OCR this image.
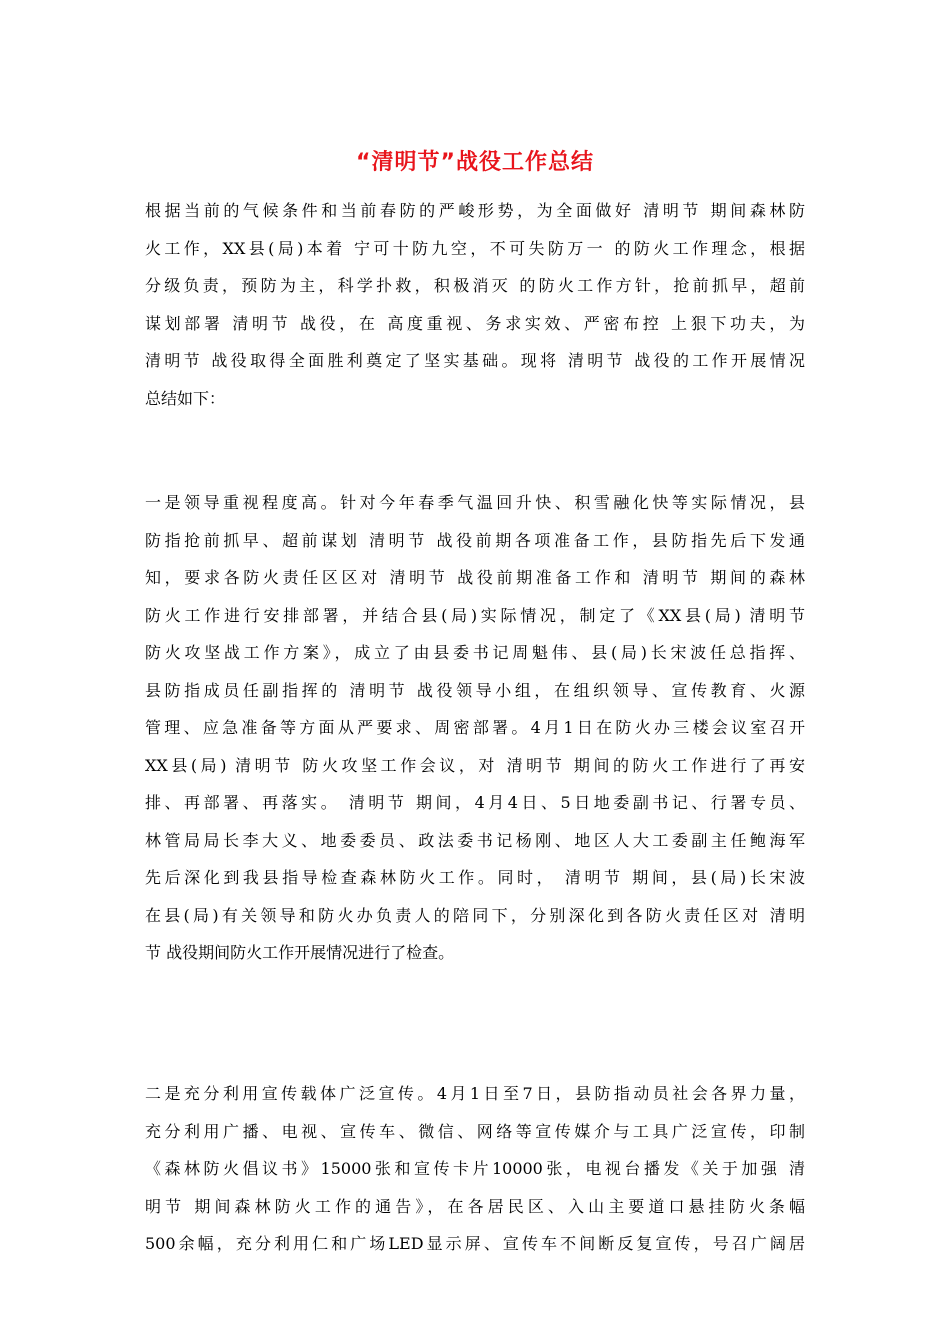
“清明节”战役工作总结
根据当前的气候条件和当前春防的严峻形势，为全面做好 清明节 期间森林防
火工作，XX县(局)本着 宁可十防九空，不可失防万一 的防火工作理念，根据
分级负责，预防为主，科学扑救，积极消灭 的防火工作方针，抢前抓早，超前
谋划部署 清明节 战役，在 高度重视、务求实效、严密布控 上狠下功夫，为
清明节 战役取得全面胜利奠定了坚实基础。现将 清明节 战役的工作开展情况
总结如下：
一是领导重视程度高。针对今年春季气温回升快、积雪融化快等实际情况，县
防指抢前抓早、超前谋划 清明节 战役前期各项准备工作，县防指先后下发通
知，要求各防火责任区区对 清明节 战役前期准备工作和 清明节 期间的森林
防火工作进行安排部署，并结合县(局)实际情况，制定了《XX县(局) 清明节
防火攻坚战工作方案》，成立了由县委书记周魁伟、县(局)长宋波任总指挥、
县防指成员任副指挥的 清明节 战役领导小组，在组织领导、宣传教育、火源
管理、应急准备等方面从严要求、周密部署。4月1日在防火办三楼会议室召开
XX县(局) 清明节 防火攻坚工作会议，对 清明节 期间的防火工作进行了再安
排、再部署、再落实。 清明节 期间，4月4日、5日地委副书记、行署专员、
林管局局长李大义、地委委员、政法委书记杨刚、地区人大工委副主任鲍海军
先后深化到我县指导检查森林防火工作。同时， 清明节 期间，县(局)长宋波
在县(局)有关领导和防火办负责人的陪同下，分别深化到各防火责任区对 清明
节 战役期间防火工作开展情况进行了检查。
二是充分利用宣传载体广泛宣传。4月1日至7日，县防指动员社会各界力量，
充分利用广播、电视、宣传车、微信、网络等宣传媒介与工具广泛宣传，印制
《森林防火倡议书》15000张和宣传卡片10000张，电视台播发《关于加强 清
明节 期间森林防火工作的通告》，在各居民区、入山主要道口悬挂防火条幅
500余幅，充分利用仁和广场LED显示屏、宣传车不间断反复宣传，号召广阔居
